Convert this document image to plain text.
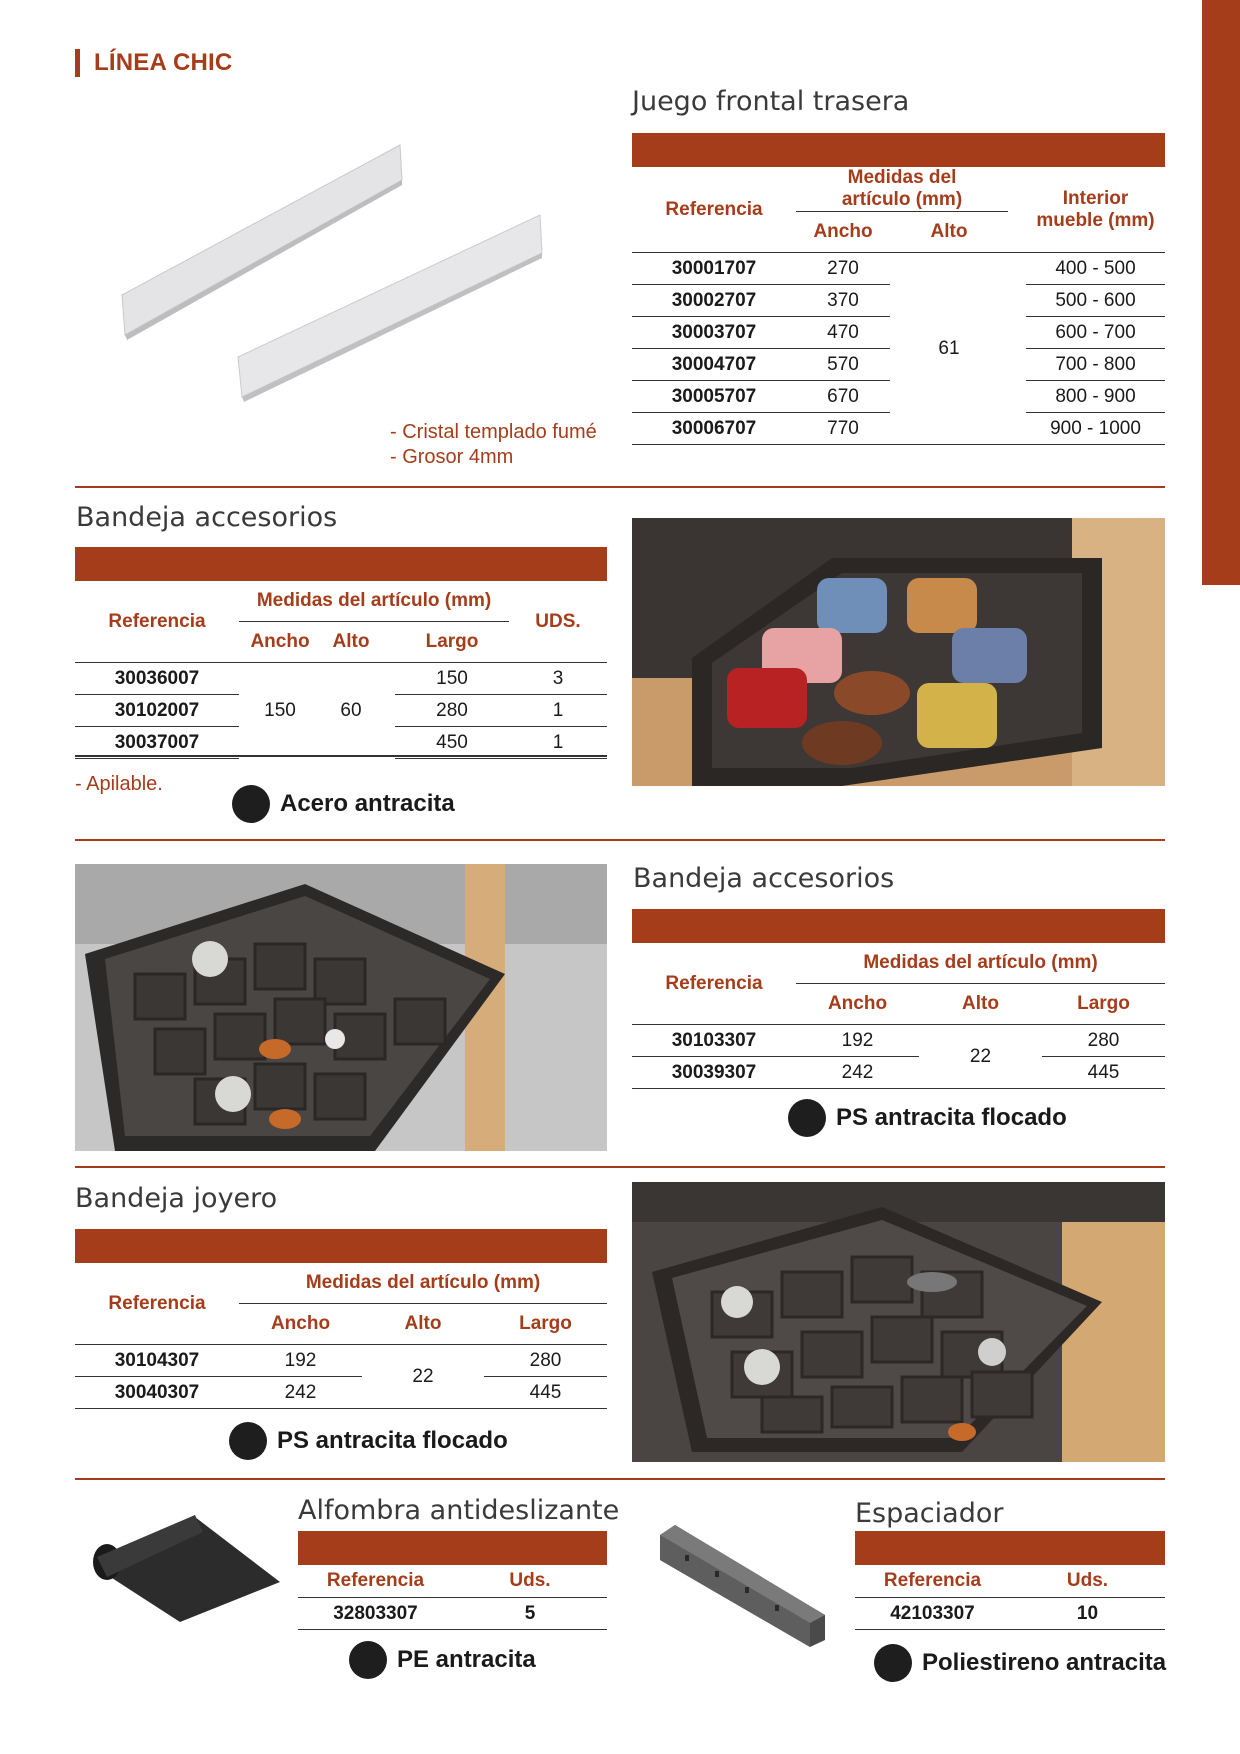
LÍNEA CHIC
- Cristal templado fumé
- Grosor 4mm
Juego frontal trasera
Referencia	Medidas del artículo (mm)			Interior mueble (mm)
	Ancho	Alto		
30001707	270	61		400 - 500
30002707	370			500 - 600
30003707	470			600 - 700
30004707	570			700 - 800
30005707	670			800 - 900
30006707	770			900 - 1000
Bandeja accesorios
Referencia	Medidas del artículo (mm)				UDS.
	Ancho	Alto		Largo	
30036007	150	60		150	3
30102007				280	1
30037007				450	1
- Apilable.
Acero antracita
Bandeja accesorios
Referencia	Medidas del artículo (mm)		
	Ancho	Alto	Largo
30103307	192	22	280
30039307	242		445
PS antracita flocado
Bandeja joyero
Referencia	Medidas del artículo (mm)		
	Ancho	Alto	Largo
30104307	192	22	280
30040307	242		445
PS antracita flocado
Alfombra antideslizante
Referencia	Uds.
32803307	5
PE antracita
Espaciador
Referencia	Uds.
42103307	10
Poliestireno antracita
